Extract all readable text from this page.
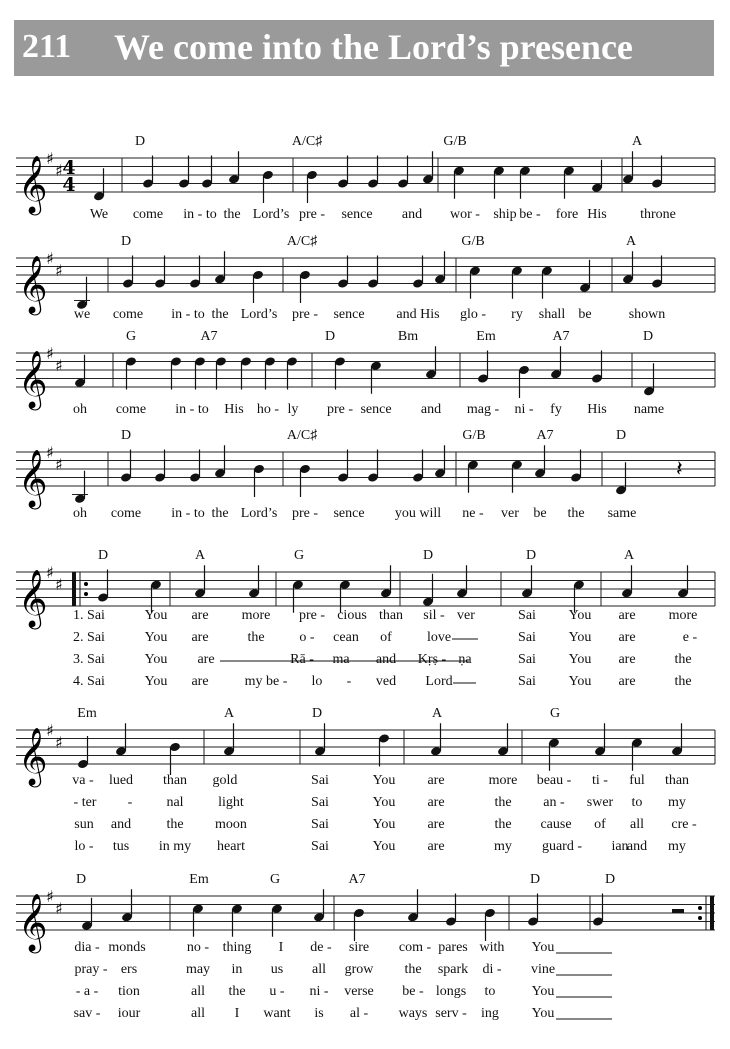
211 We come into the Lord’s presence
𝄞
♯
♯ 4
4
D	A/C♯	G/B	A
We come in - to the Lord’s pre - sence and wor - ship be - fore His throne
𝄞
♯
♯
D	A/C♯	G/B	A
we come in - to the Lord’s pre - sence and His glo - ry shall be	shown
𝄞
♯
♯
G	A7	D	Bm	Em	A7	D
oh come in - to His ho - ly pre - sence and mag - ni - fy His name
𝄞
♯
♯	𝄽
D	A/C♯	G/B	A7	D
oh come in - to the Lord’s pre - sence you will ne - ver be the same
𝄞
♯
♯
D	A	G	D	D	A
1. Sai	You are more pre - cious than sil - ver	Sai You are more
2. Sai	You are	the o - cean of	love	Sai You are	e -
3. Sai	You are	Rā - ma and Kṛṣ - ṇa	Sai You are	the
4. Sai	You are	my be - lo - ved Lord	Sai You are	the
𝄞
♯
♯
Em	A	D	A	G
va - lued than gold	Sai	You are	more beau - ti - ful than
- ter - nal light	Sai	You are	the an - swer to my
sun and	the moon	Sai	You are	the cause of all cre -
lo - tus in my heart	Sai	You are	my guard - ian
and my
𝄞
♯
♯
D	Em	G	A7	D	D
dia - monds	no - thing I de - sire com - pares with You
pray - ers	may in us all grow the spark di - vine
- a - tion	all the u - ni - verse be - longs to	You
sav - iour	all I want is al - ways serv - ing You
